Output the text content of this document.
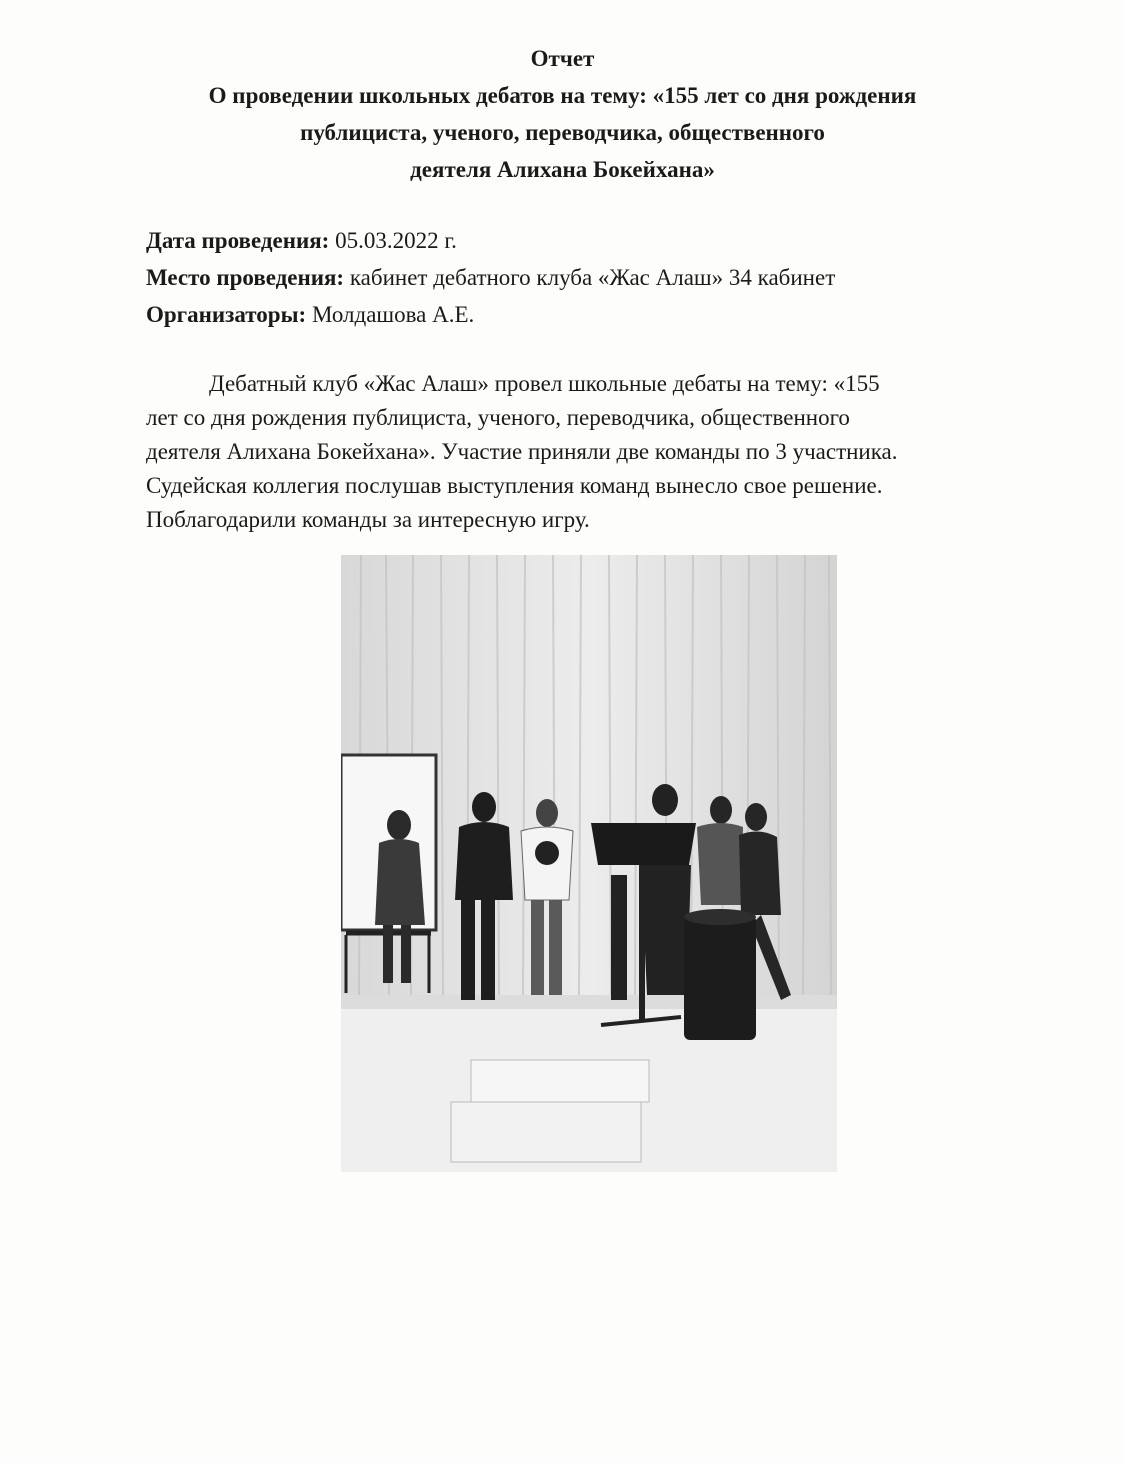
Отчет
О проведении школьных дебатов на тему: «155 лет со дня рождения
публициста, ученого, переводчика, общественного
деятеля Алихана Бокейхана»
Дата проведения: 05.03.2022 г.
Место проведения: кабинет дебатного клуба «Жас Алаш» 34 кабинет
Организаторы: Молдашова А.Е.
Дебатный клуб «Жас Алаш» провел школьные дебаты на тему: «155
лет со дня рождения публициста, ученого, переводчика, общественного
деятеля Алихана Бокейхана». Участие приняли две команды по 3 участника.
Судейская коллегия послушав выступления команд вынесло свое решение.
Поблагодарили команды за интересную игру.
